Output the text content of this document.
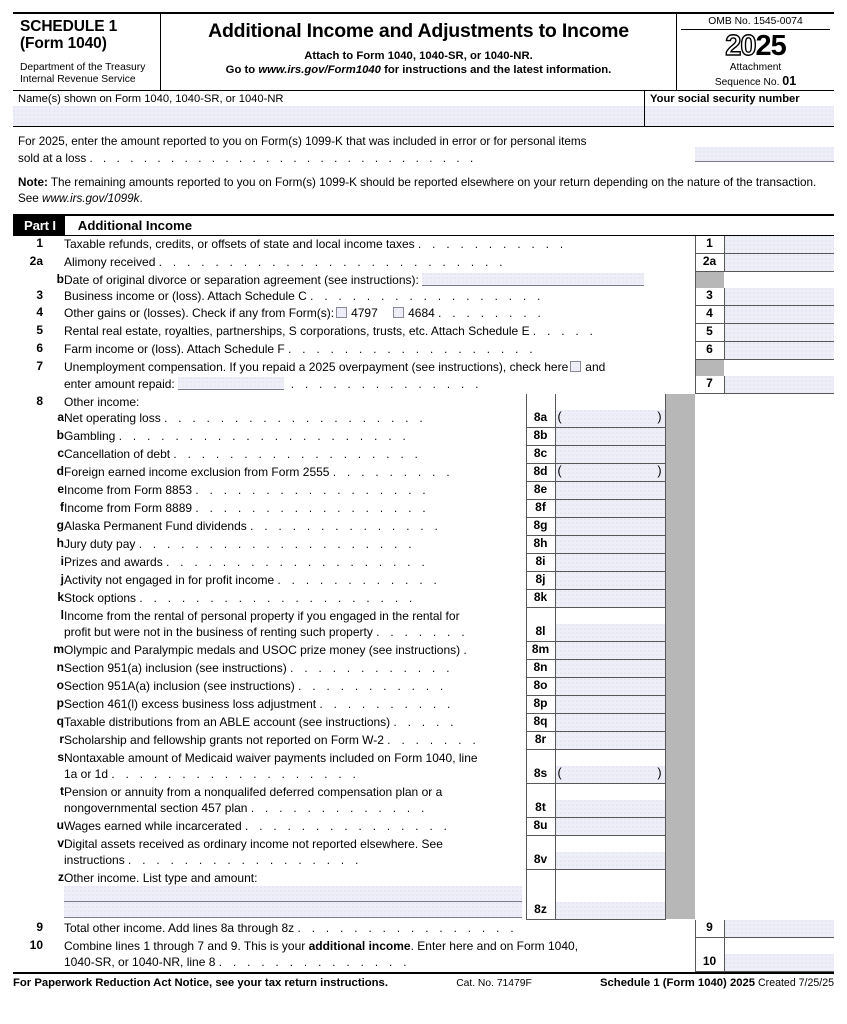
SCHEDULE 1
(Form 1040)
Department of the Treasury
Internal Revenue Service
Additional Income and Adjustments to Income
Attach to Form 1040, 1040-SR, or 1040-NR.
Go to www.irs.gov/Form1040 for instructions and the latest information.
OMB No. 1545-0074
2025
Attachment
Sequence No. 01
Name(s) shown on Form 1040, 1040-SR, or 1040-NR	Your social security number
For 2025, enter the amount reported to you on Form(s) 1099-K that was included in error or for personal items
sold at a loss . . . . . . . . . . . . . . . . . . . . . . . . . . . . .
Note: The remaining amounts reported to you on Form(s) 1099-K should be reported elsewhere on your return depending on the nature of the transaction. See www.irs.gov/1099k.
Part I	Additional Income
1		Taxable refunds, credits, or offsets of state and local income taxes . . . . . . . . . . .	1	

2a		Alimony received . . . . . . . . . . . . . . . . . . . . . . . . .	2a	

	b	Date of original divorce or separation agreement (see instructions):		
3		Business income or (loss). Attach Schedule C . . . . . . . . . . . . . . . . .	3	

4		Other gains or (losses). Check if any from Form(s): 4797 4684 . . . . . . . .	4	

5		Rental real estate, royalties, partnerships, S corporations, trusts, etc. Attach Schedule E . . . . .	5	

6		Farm income or (loss). Attach Schedule F . . . . . . . . . . . . . . . . . .	6	

7		Unemployment compensation. If you repaid a 2025 overpayment (see instructions), check here and		
		enter amount repaid: . . . . . . . . . . . . . .	7	
8		Other income:					
	a	Net operating loss . . . . . . . . . . . . . . . . . . .	8a	( )			

	b	Gambling . . . . . . . . . . . . . . . . . . . . .	8b	

	c	Cancellation of debt . . . . . . . . . . . . . . . . . .	8c	

	d	Foreign earned income exclusion from Form 2555 . . . . . . . . .	8d	( )			

	e	Income from Form 8853 . . . . . . . . . . . . . . . . .	8e	

	f	Income from Form 8889 . . . . . . . . . . . . . . . . .	8f	

	g	Alaska Permanent Fund dividends . . . . . . . . . . . . . .	8g	

	h	Jury duty pay . . . . . . . . . . . . . . . . . . . .	8h	

	i	Prizes and awards . . . . . . . . . . . . . . . . . . .	8i	

	j	Activity not engaged in for profit income . . . . . . . . . . . .	8j	

	k	Stock options . . . . . . . . . . . . . . . . . . . .	8k	

	l	Income from the rental of personal property if you engaged in the rental for					
		profit but were not in the business of renting such property . . . . . . .	8l	

	m	Olympic and Paralympic medals and USOC prize money (see instructions) .	8m	

	n	Section 951(a) inclusion (see instructions) . . . . . . . . . . . .	8n	

	o	Section 951A(a) inclusion (see instructions) . . . . . . . . . . .	8o	

	p	Section 461(l) excess business loss adjustment . . . . . . . . . .	8p	

	q	Taxable distributions from an ABLE account (see instructions) . . . . .	8q	

	r	Scholarship and fellowship grants not reported on Form W-2 . . . . . . .	8r	

	s	Nontaxable amount of Medicaid waiver payments included on Form 1040, line					
		1a or 1d . . . . . . . . . . . . . . . . . .	8s	( )			

	t	Pension or annuity from a nonqualifed deferred compensation plan or a					
		nongovernmental section 457 plan . . . . . . . . . . . . .	8t	

	u	Wages earned while incarcerated . . . . . . . . . . . . . . .	8u	

	v	Digital assets received as ordinary income not reported elsewhere. See					
		instructions . . . . . . . . . . . . . . . . .	8v	

	z	Other income. List type and amount:					

	8z	

9		Total other income. Add lines 8a through 8z . . . . . . . . . . . . . . . .	9	

10		Combine lines 1 through 7 and 9. This is your additional income. Enter here and on Form 1040,		
		1040-SR, or 1040-NR, line 8 . . . . . . . . . . . . . .	10	
For Paperwork Reduction Act Notice, see your tax return instructions.	Cat. No. 71479F	Schedule 1 (Form 1040) 2025 Created 7/25/25
